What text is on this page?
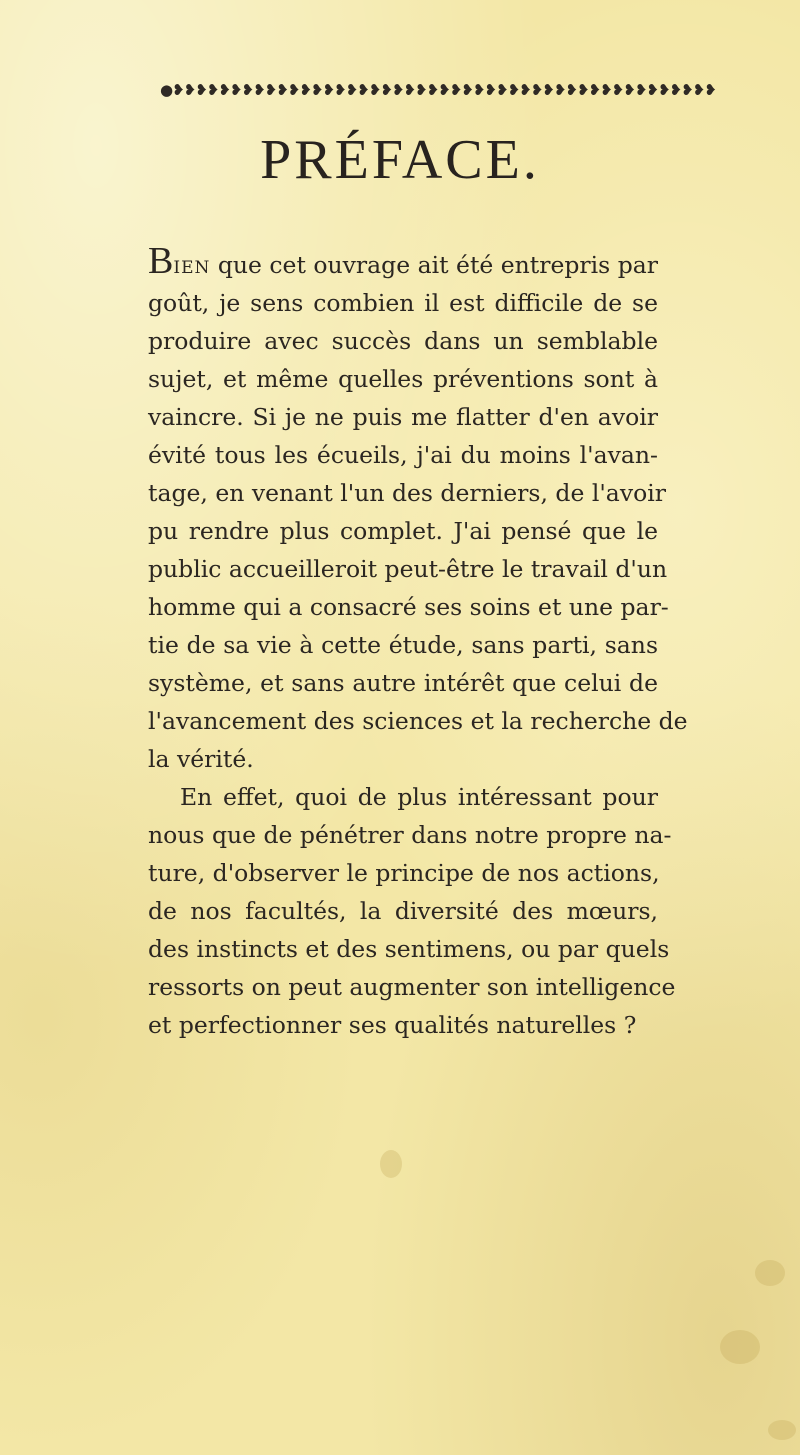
●❥❥❥❥❥❥❥❥❥❥❥❥❥❥❥❥❥❥❥❥❥❥❥❥❥❥❥❥❥❥❥❥❥❥❥❥❥❥❥❥❥❥❥❥❥❥❥
PRÉFACE.
BIEN que cet ouvrage ait été entrepris par
goût, je sens combien il est difficile de se
produire avec succès dans un semblable
sujet, et même quelles préventions sont à
vaincre. Si je ne puis me flatter d'en avoir
évité tous les écueils, j'ai du moins l'avan-
tage, en venant l'un des derniers, de l'avoir
pu rendre plus complet. J'ai pensé que le
public accueilleroit peut-être le travail d'un
homme qui a consacré ses soins et une par-
tie de sa vie à cette étude, sans parti, sans
système, et sans autre intérêt que celui de
l'avancement des sciences et la recherche de
la vérité.
En effet, quoi de plus intéressant pour
nous que de pénétrer dans notre propre na-
ture, d'observer le principe de nos actions,
de nos facultés, la diversité des mœurs,
des instincts et des sentimens, ou par quels
ressorts on peut augmenter son intelligence
et perfectionner ses qualités naturelles ?
